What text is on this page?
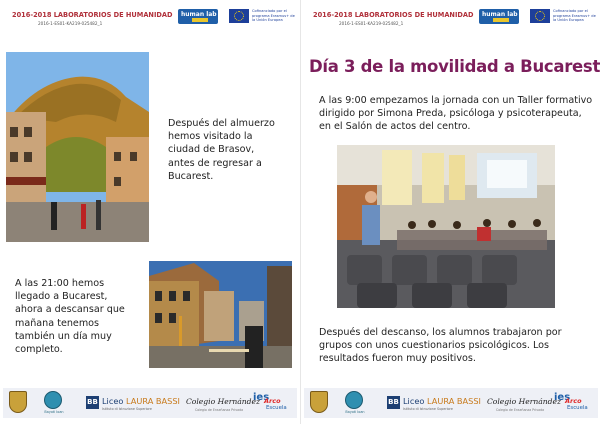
2016-2018 LABORATORIOS DE HUMANIDAD
2016-1-ES01-KA219-025482_1
human lab	Cofinanciado por el programa Erasmus+ de la Unión Europea
Después del almuerzo hemos visitado la ciudad de Brasov, antes de regresar a Bucarest.
A las 21:00 hemos llegado a Bucarest, ahora a descansar que mañana tenemos también un día muy completo.
Bayoti Ioan
BB Liceo LAURA BASSI
Istituto di Istruzione Superiore
Colegio Hernández
Colegio de Enseñanza Privada
ies
Arco
Escuela
2016-2018 LABORATORIOS DE HUMANIDAD
2016-1-ES01-KA219-025482_1
human lab	Cofinanciado por el programa Erasmus+ de la Unión Europea
Día 3 de la movilidad a Bucarest
A las 9:00 empezamos la jornada con un Taller formativo dirigido por Simona Preda, psicóloga y psicoterapeuta, en el Salón de actos del centro.
Después del descanso, los alumnos trabajaron por grupos con unos cuestionarios psicológicos. Los resultados fueron muy positivos.
Bayoti Ioan
BB Liceo LAURA BASSI
Istituto di Istruzione Superiore
Colegio Hernández
Colegio de Enseñanza Privada
ies
Arco
Escuela
